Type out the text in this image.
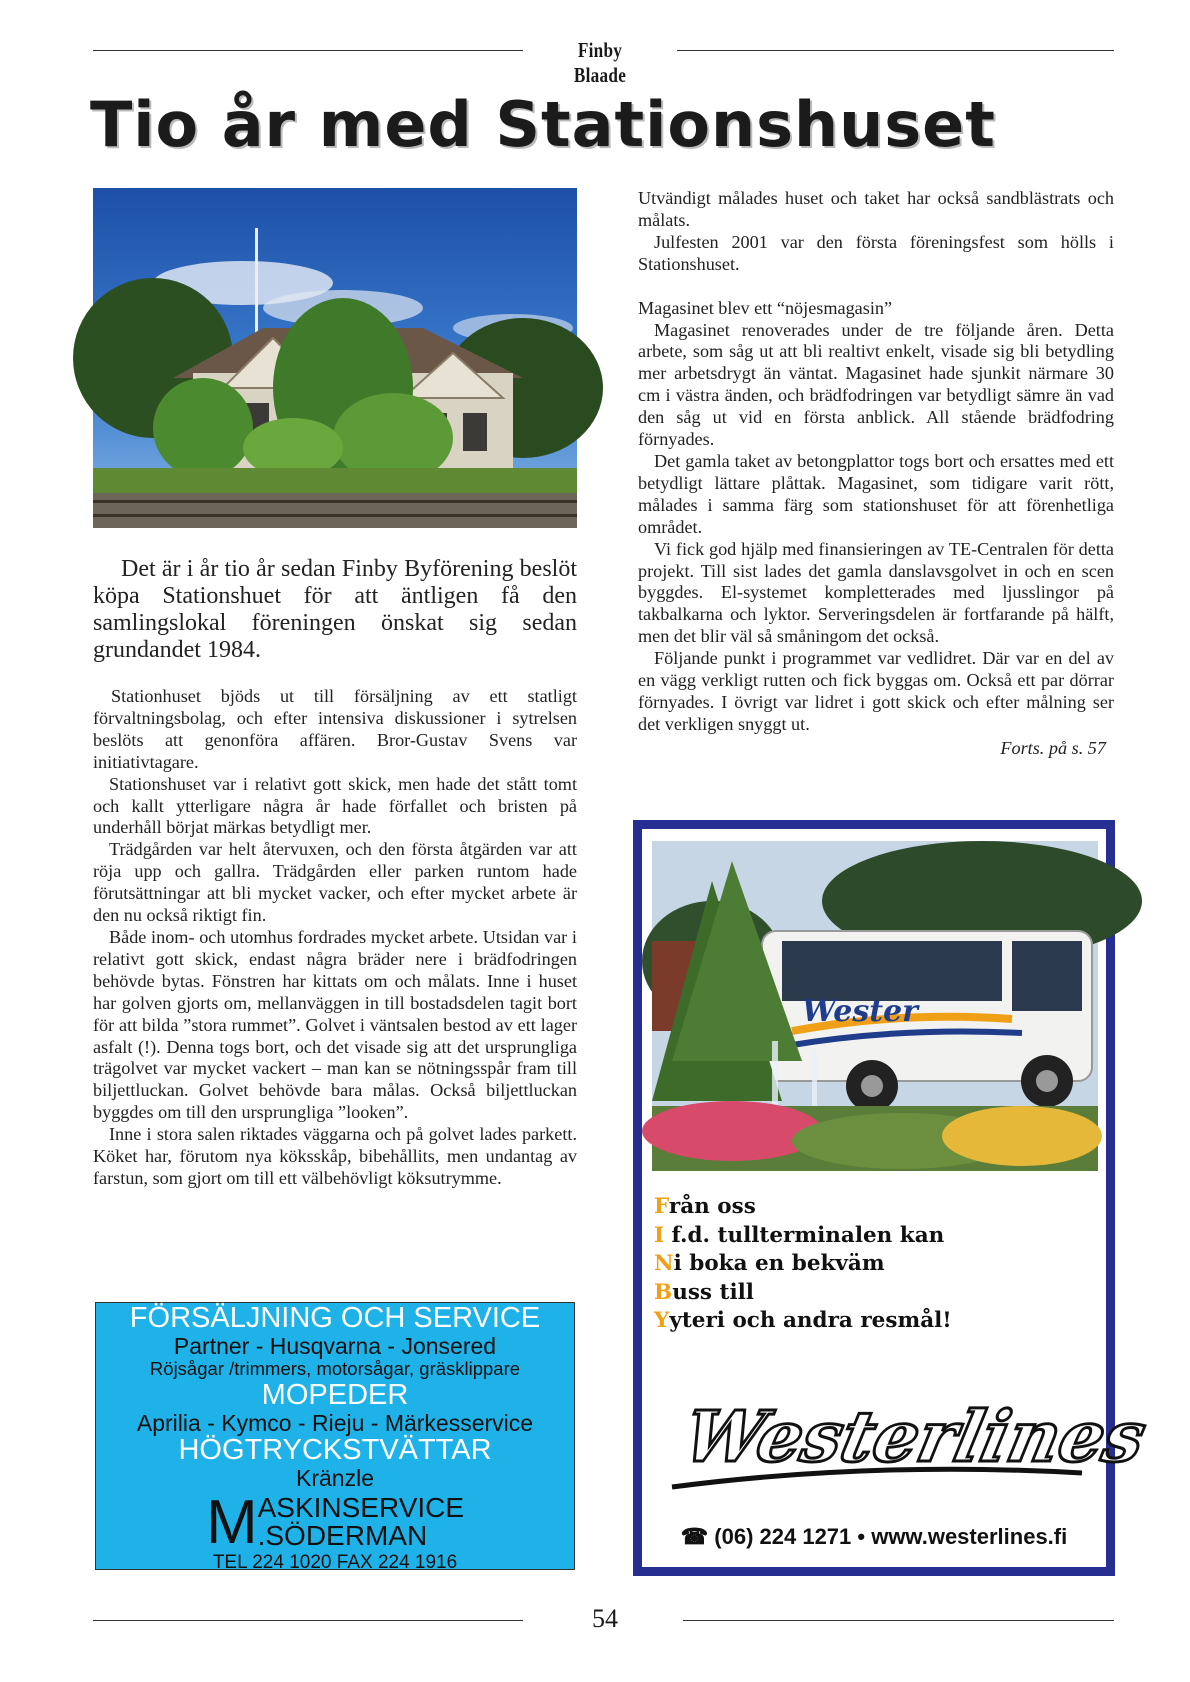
Finby Blaade
Tio år med Stationshuset

Det är i år tio år sedan Finby Byförening beslöt köpa Stationshuet för att äntligen få den samlingslokal föreningen önskat sig sedan grundandet 1984.

Stationhuset bjöds ut till försäljning av ett statligt förvaltningsbolag, och efter intensiva diskussioner i sytrelsen beslöts att genonföra affären. Bror-Gustav Svens var initiativtagare.

Stationshuset var i relativt gott skick, men hade det stått tomt och kallt ytterligare några år hade förfallet och bristen på underhåll börjat märkas betydligt mer.

Trädgården var helt återvuxen, och den första åtgärden var att röja upp och gallra. Trädgården eller parken runtom hade förutsättningar att bli mycket vacker, och efter mycket arbete är den nu också riktigt fin.

Både inom- och utomhus fordrades mycket arbete. Utsidan var i relativt gott skick, endast några bräder nere i brädfodringen behövde bytas. Fönstren har kittats om och målats. Inne i huset har golven gjorts om, mellanväggen in till bostadsdelen tagit bort för att bilda ”stora rummet”. Golvet i väntsalen bestod av ett lager asfalt (!). Denna togs bort, och det visade sig att det ursprungliga trägolvet var mycket vackert – man kan se nötningsspår fram till biljettluckan. Golvet behövde bara målas. Också biljettluckan byggdes om till den ursprungliga ”looken”.

Inne i stora salen riktades väggarna och på golvet lades parkett. Köket har, förutom nya köksskåp, bibehållits, men undantag av farstun, som gjort om till ett välbehövligt köksutrymme.

Utvändigt målades huset och taket har också sandblästrats och målats.

Julfesten 2001 var den första föreningsfest som hölls i Stationshuset.

Magasinet blev ett “nöjesmagasin”

Magasinet renoverades under de tre följande åren. Detta arbete, som såg ut att bli realtivt enkelt, visade sig bli betydling mer arbetsdrygt än väntat. Magasinet hade sjunkit närmare 30 cm i västra änden, och brädfodringen var betydligt sämre än vad den såg ut vid en första anblick. All stående brädfodring förnyades.

Det gamla taket av betongplattor togs bort och ersattes med ett betydligt lättare plåttak. Magasinet, som tidigare varit rött, målades i samma färg som stationshuset för att förenhetliga området.

Vi fick god hjälp med finansieringen av TE-Centralen för detta projekt. Till sist lades det gamla danslavsgolvet in och en scen byggdes. El-systemet kompletterades med ljusslingor på takbalkarna och lyktor. Serveringsdelen är fortfarande på hälft, men det blir väl så småningom det också.

Följande punkt i programmet var vedlidret. Där var en del av en vägg verkligt rutten och fick byggas om. Också ett par dörrar förnyades. I övrigt var lidret i gott skick och efter målning ser det verkligen snyggt ut.

Forts. på s. 57

FÖRSÄLJNING OCH SERVICE
Partner - Husqvarna - Jonsered
Röjsågar /trimmers, motorsågar, gräsklippare
MOPEDER
Aprilia - Kymco - Rieju - Märkesservice
HÖGTRYCKSTVÄTTAR
Kränzle
M ASKINSERVICE
.SÖDERMAN
TEL 224 1020 FAX 224 1916
Wester
Från oss
I f.d. tullterminalen kan
Ni boka en bekväm
Buss till
Yyteri och andra resmål!
Westerlines
☎ (06) 224 1271 • www.westerlines.fi
54
